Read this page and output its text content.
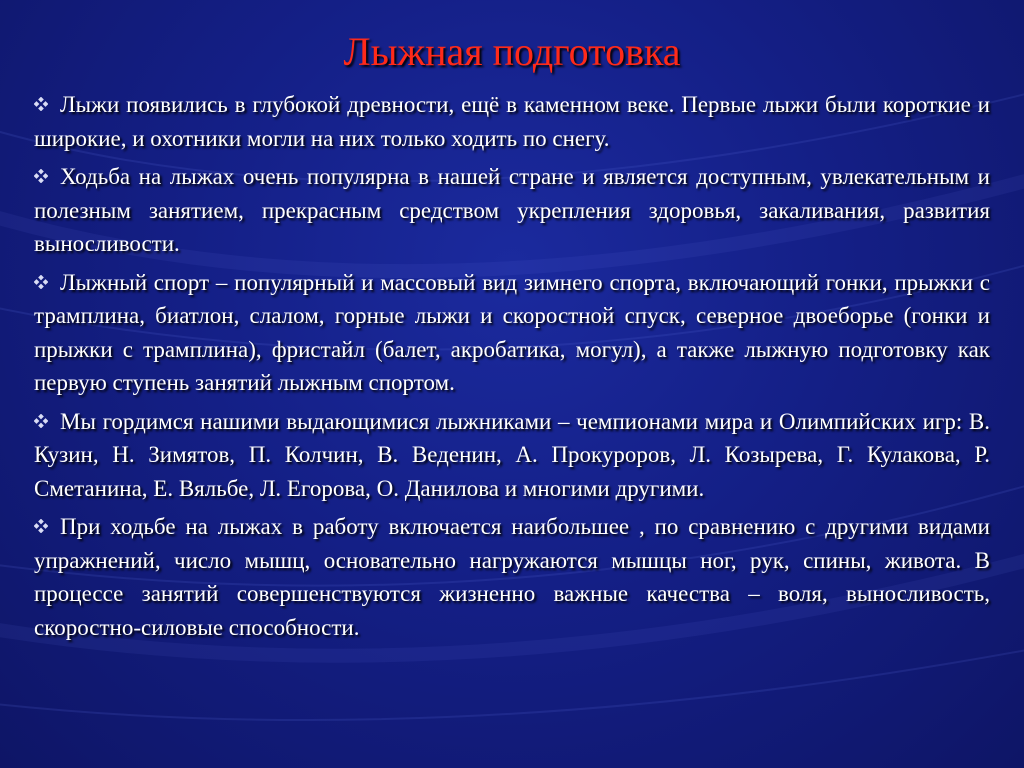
Лыжная подготовка

Лыжи появились в глубокой древности, ещё в каменном веке. Первые лыжи были короткие и широкие, и охотники могли на них только ходить по снегу.

Ходьба на лыжах очень популярна в нашей стране и является доступным, увлекательным и полезным занятием, прекрасным средством укрепления здоровья, закаливания, развития выносливости.

Лыжный спорт – популярный и массовый вид зимнего спорта, включающий гонки, прыжки с трамплина, биатлон, слалом, горные лыжи и скоростной спуск, северное двоеборье (гонки и прыжки с трамплина), фристайл (балет, акробатика, могул), а также лыжную подготовку как первую ступень занятий лыжным спортом.

Мы гордимся нашими выдающимися лыжниками – чемпионами мира и Олимпийских игр: В. Кузин, Н. Зимятов, П. Колчин, В. Веденин, А. Прокуроров, Л. Козырева, Г. Кулакова, Р. Сметанина, Е. Вяльбе, Л. Егорова, О. Данилова и многими другими.

При ходьбе на лыжах в работу включается наибольшее , по сравнению с другими видами упражнений, число мышц, основательно нагружаются мышцы ног, рук, спины, живота. В процессе занятий совершенствуются жизненно важные качества – воля, выносливость, скоростно-силовые способности.
